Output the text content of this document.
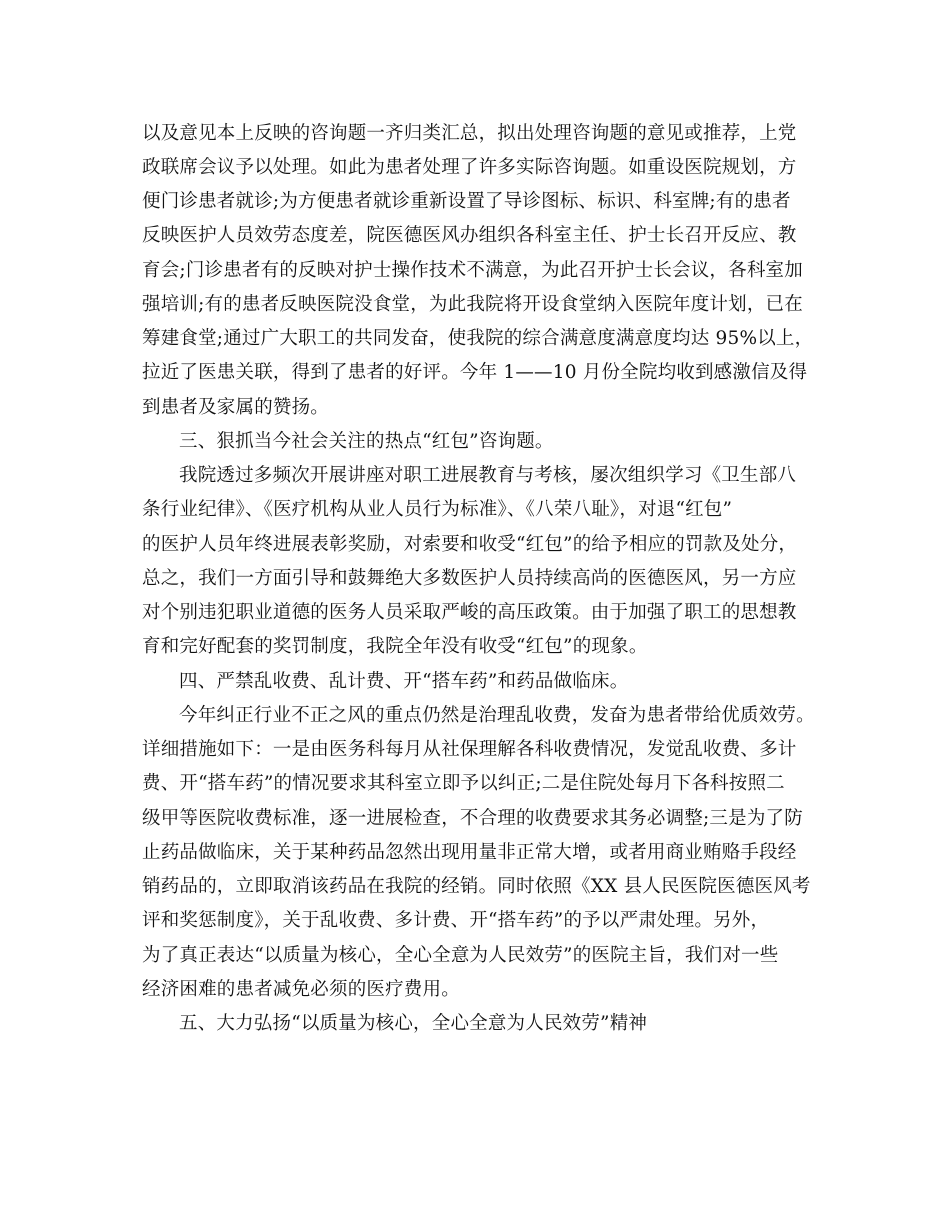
以及意见本上反映的咨询题一齐归类汇总，拟出处理咨询题的意见或推荐，上党
政联席会议予以处理。如此为患者处理了许多实际咨询题。如重设医院规划，方
便门诊患者就诊;为方便患者就诊重新设置了导诊图标、标识、科室牌;有的患者
反映医护人员效劳态度差，院医德医风办组织各科室主任、护士长召开反应、教
育会;门诊患者有的反映对护士操作技术不满意，为此召开护士长会议，各科室加
强培训;有的患者反映医院没食堂，为此我院将开设食堂纳入医院年度计划，已在
筹建食堂;通过广大职工的共同发奋，使我院的综合满意度满意度均达 95%以上，
拉近了医患关联，得到了患者的好评。今年 1——10 月份全院均收到感激信及得
到患者及家属的赞扬。
三、狠抓当今社会关注的热点“红包”咨询题。
我院透过多频次开展讲座对职工进展教育与考核，屡次组织学习《卫生部八
条行业纪律》、《医疗机构从业人员行为标准》、《八荣八耻》，对退“红包”
的医护人员年终进展表彰奖励，对索要和收受“红包”的给予相应的罚款及处分，
总之，我们一方面引导和鼓舞绝大多数医护人员持续高尚的医德医风，另一方应
对个别违犯职业道德的医务人员采取严峻的高压政策。由于加强了职工的思想教
育和完好配套的奖罚制度，我院全年没有收受“红包”的现象。
四、严禁乱收费、乱计费、开“搭车药”和药品做临床。
今年纠正行业不正之风的重点仍然是治理乱收费，发奋为患者带给优质效劳。
详细措施如下：一是由医务科每月从社保理解各科收费情况，发觉乱收费、多计
费、开“搭车药”的情况要求其科室立即予以纠正;二是住院处每月下各科按照二
级甲等医院收费标准，逐一进展检查，不合理的收费要求其务必调整;三是为了防
止药品做临床，关于某种药品忽然出现用量非正常大增，或者用商业贿赂手段经
销药品的，立即取消该药品在我院的经销。同时依照《XX 县人民医院医德医风考
评和奖惩制度》，关于乱收费、多计费、开“搭车药”的予以严肃处理。另外，
为了真正表达“以质量为核心，全心全意为人民效劳”的医院主旨，我们对一些
经济困难的患者减免必须的医疗费用。
五、大力弘扬“以质量为核心，全心全意为人民效劳”精神
